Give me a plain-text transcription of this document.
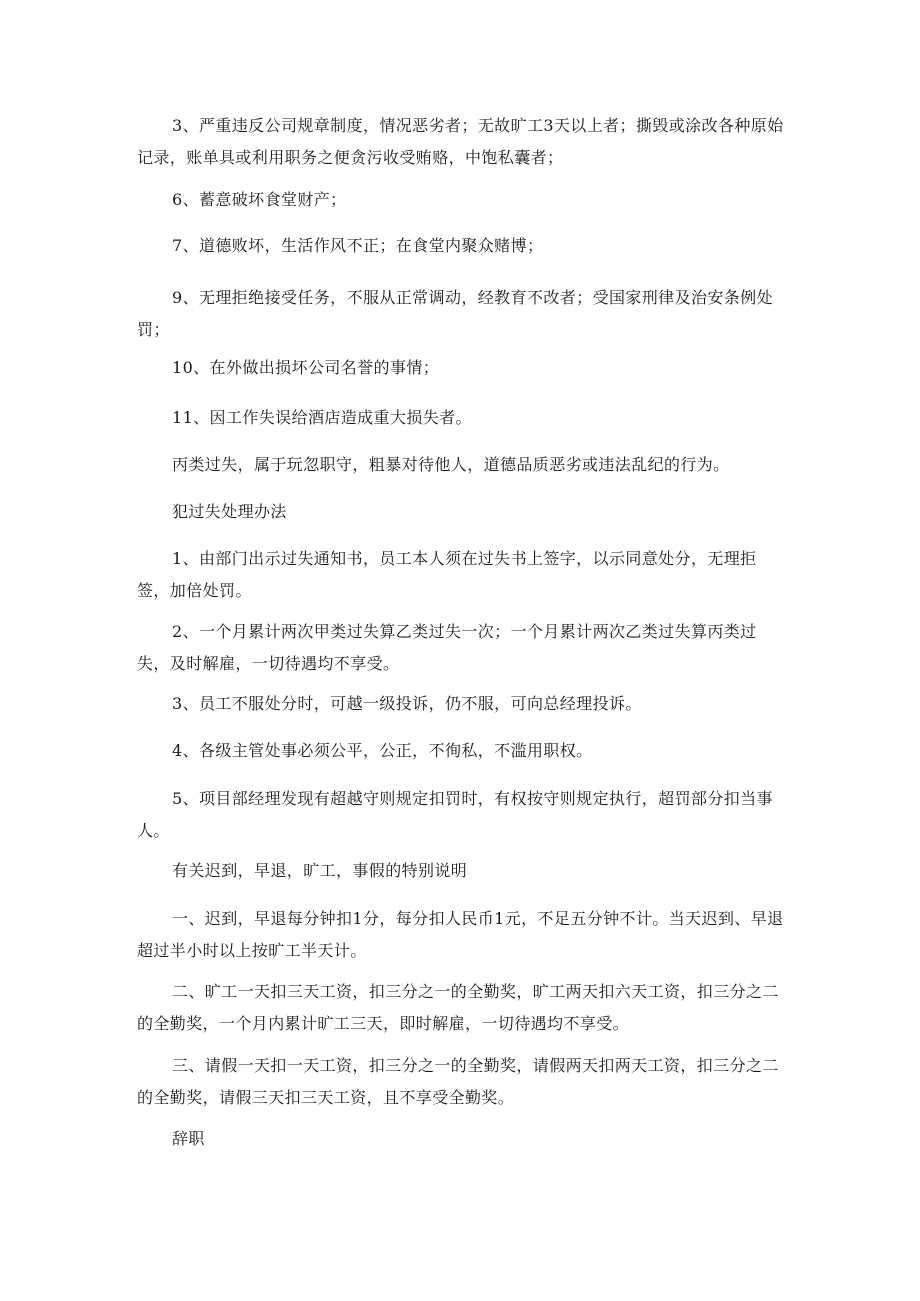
3、严重违反公司规章制度，情况恶劣者；无故旷工3天以上者；撕毁或涂改各种原始记录，账单具或利用职务之便贪污收受贿赂，中饱私囊者；

6、蓄意破坏食堂财产；

7、道德败坏，生活作风不正；在食堂内聚众赌博；

9、无理拒绝接受任务，不服从正常调动，经教育不改者；受国家刑律及治安条例处罚；

10、在外做出损坏公司名誉的事情；

11、因工作失误给酒店造成重大损失者。

丙类过失，属于玩忽职守，粗暴对待他人，道德品质恶劣或违法乱纪的行为。

犯过失处理办法

1、由部门出示过失通知书，员工本人须在过失书上签字，以示同意处分，无理拒签，加倍处罚。

2、一个月累计两次甲类过失算乙类过失一次；一个月累计两次乙类过失算丙类过失，及时解雇，一切待遇均不享受。

3、员工不服处分时，可越一级投诉，仍不服，可向总经理投诉。

4、各级主管处事必须公平，公正，不徇私，不滥用职权。

5、项目部经理发现有超越守则规定扣罚时，有权按守则规定执行，超罚部分扣当事人。

有关迟到，早退，旷工，事假的特别说明

一、迟到，早退每分钟扣1分，每分扣人民币1元，不足五分钟不计。当天迟到、早退超过半小时以上按旷工半天计。

二、旷工一天扣三天工资，扣三分之一的全勤奖，旷工两天扣六天工资，扣三分之二的全勤奖，一个月内累计旷工三天，即时解雇，一切待遇均不享受。

三、请假一天扣一天工资，扣三分之一的全勤奖，请假两天扣两天工资，扣三分之二的全勤奖，请假三天扣三天工资，且不享受全勤奖。

辞职
